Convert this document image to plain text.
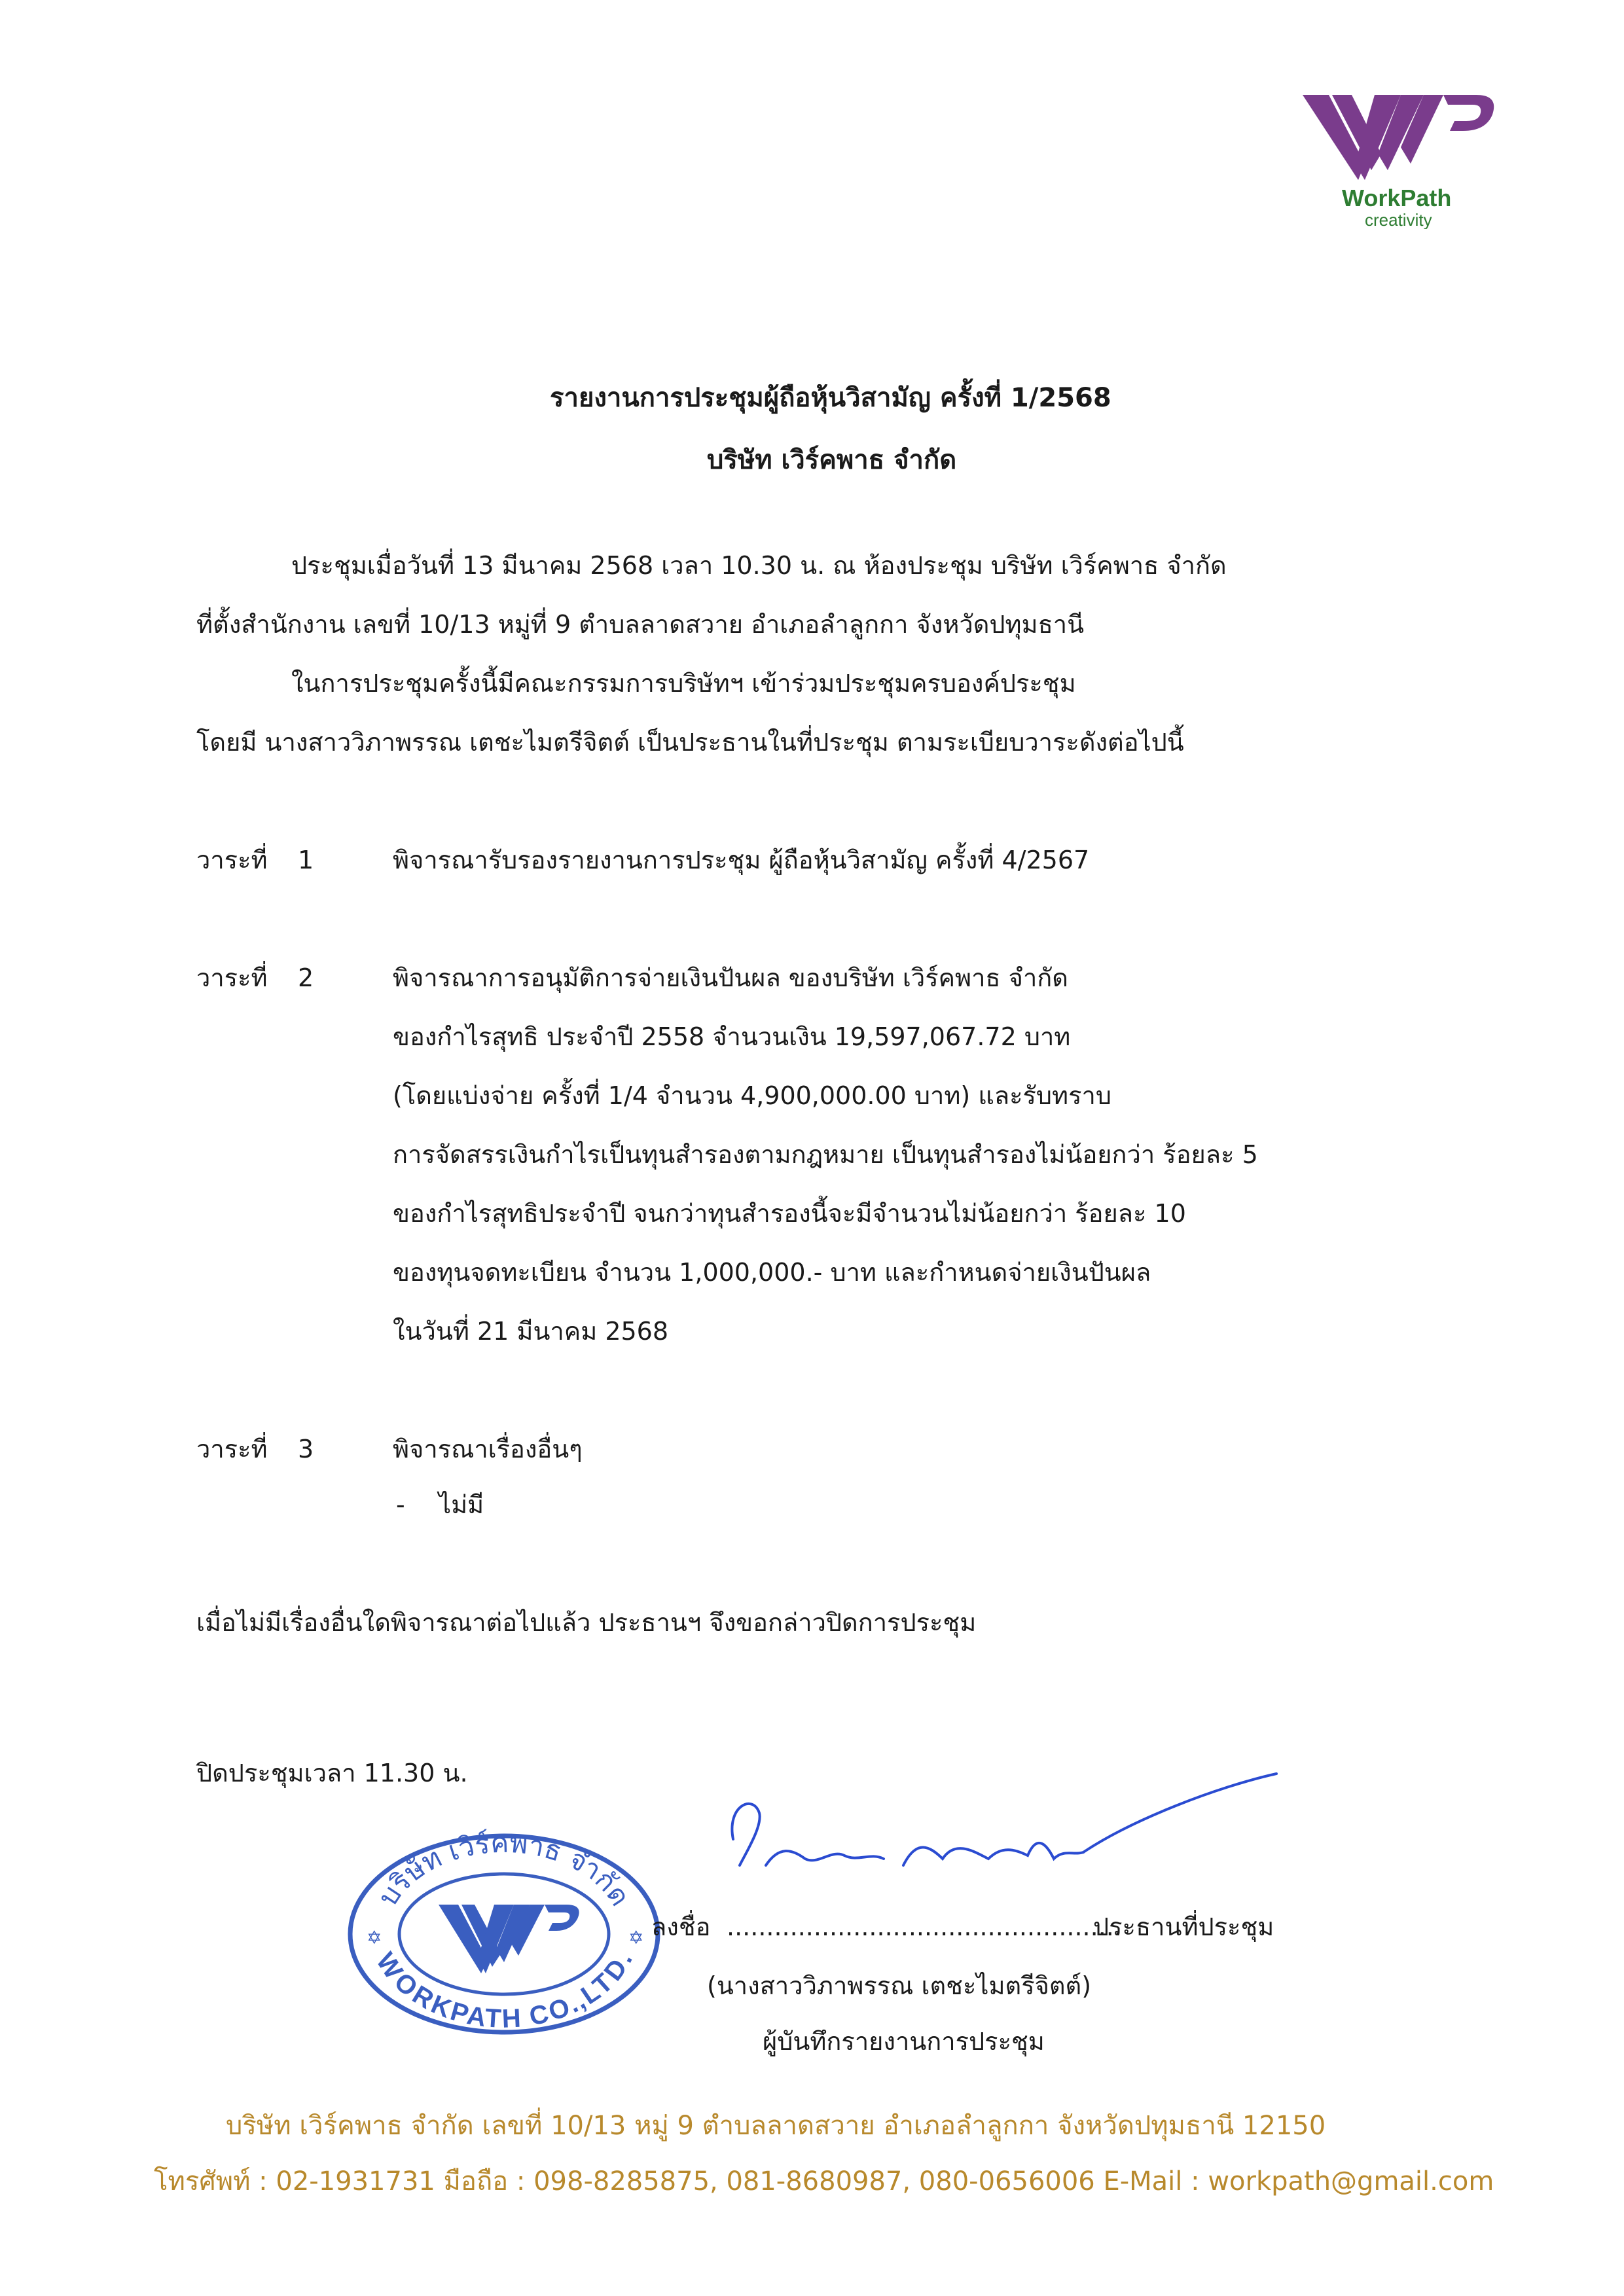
WorkPath
creativity
รายงานการประชุมผู้ถือหุ้นวิสามัญ ครั้งที่ 1/2568
บริษัท เวิร์คพาธ จำกัด
ประชุมเมื่อวันที่ 13 มีนาคม 2568 เวลา 10.30 น. ณ ห้องประชุม บริษัท เวิร์คพาธ จำกัด
ที่ตั้งสำนักงาน เลขที่ 10/13 หมู่ที่ 9 ตำบลลาดสวาย อำเภอลำลูกกา จังหวัดปทุมธานี
ในการประชุมครั้งนี้มีคณะกรรมการบริษัทฯ เข้าร่วมประชุมครบองค์ประชุม
โดยมี นางสาววิภาพรรณ เตชะไมตรีจิตต์ เป็นประธานในที่ประชุม ตามระเบียบวาระดังต่อไปนี้
วาระที่ 1	พิจารณารับรองรายงานการประชุม ผู้ถือหุ้นวิสามัญ ครั้งที่ 4/2567
วาระที่ 2	พิจารณาการอนุมัติการจ่ายเงินปันผล ของบริษัท เวิร์คพาธ จำกัด
ของกำไรสุทธิ ประจำปี 2558 จำนวนเงิน 19,597,067.72 บาท
(โดยแบ่งจ่าย ครั้งที่ 1/4 จำนวน 4,900,000.00 บาท) และรับทราบ
การจัดสรรเงินกำไรเป็นทุนสำรองตามกฎหมาย เป็นทุนสำรองไม่น้อยกว่า ร้อยละ 5
ของกำไรสุทธิประจำปี จนกว่าทุนสำรองนี้จะมีจำนวนไม่น้อยกว่า ร้อยละ 10
ของทุนจดทะเบียน จำนวน 1,000,000.- บาท และกำหนดจ่ายเงินปันผล
ในวันที่ 21 มีนาคม 2568
วาระที่ 3	พิจารณาเรื่องอื่นๆ
- ไม่มี
เมื่อไม่มีเรื่องอื่นใดพิจารณาต่อไปแล้ว ประธานฯ จึงขอกล่าวปิดการประชุม
ปิดประชุมเวลา 11.30 น.
บริษัท เวิร์คพาธ จำกัด
WORKPATH CO.,LTD.
✡	✡ ลงชื่อ ..................................................
ประธานที่ประชุม
(นางสาววิภาพรรณ เตชะไมตรีจิตต์)
ผู้บันทึกรายงานการประชุม
บริษัท เวิร์คพาธ จำกัด เลขที่ 10/13 หมู่ 9 ตำบลลาดสวาย อำเภอลำลูกกา จังหวัดปทุมธานี 12150
โทรศัพท์ : 02-1931731 มือถือ : 098-8285875, 081-8680987, 080-0656006 E-Mail : workpath@gmail.com
